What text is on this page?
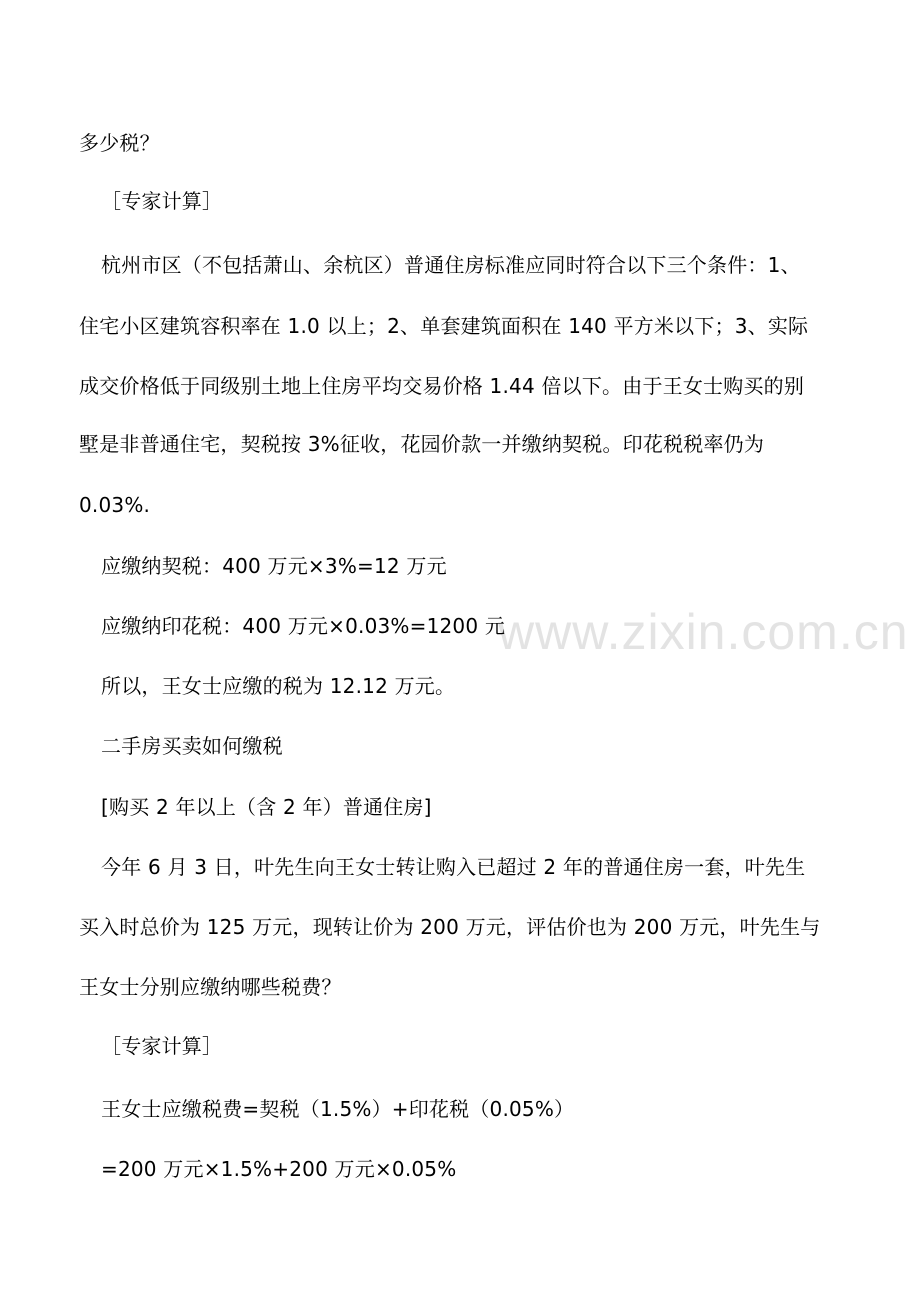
www.zixin.com.cn
多少税？
［专家计算］
杭州市区（不包括萧山、余杭区）普通住房标准应同时符合以下三个条件：1、
住宅小区建筑容积率在 1.0 以上；2、单套建筑面积在 140 平方米以下；3、实际
成交价格低于同级别土地上住房平均交易价格 1.44 倍以下。由于王女士购买的别
墅是非普通住宅，契税按 3%征收，花园价款一并缴纳契税。印花税税率仍为
0.03%.
应缴纳契税：400 万元×3%=12 万元
应缴纳印花税：400 万元×0.03%=1200 元
所以，王女士应缴的税为 12.12 万元。
二手房买卖如何缴税
[购买 2 年以上（含 2 年）普通住房]
今年 6 月 3 日，叶先生向王女士转让购入已超过 2 年的普通住房一套，叶先生
买入时总价为 125 万元，现转让价为 200 万元，评估价也为 200 万元，叶先生与
王女士分别应缴纳哪些税费？
［专家计算］
王女士应缴税费=契税（1.5%）+印花税（0.05%）
=200 万元×1.5%+200 万元×0.05%
